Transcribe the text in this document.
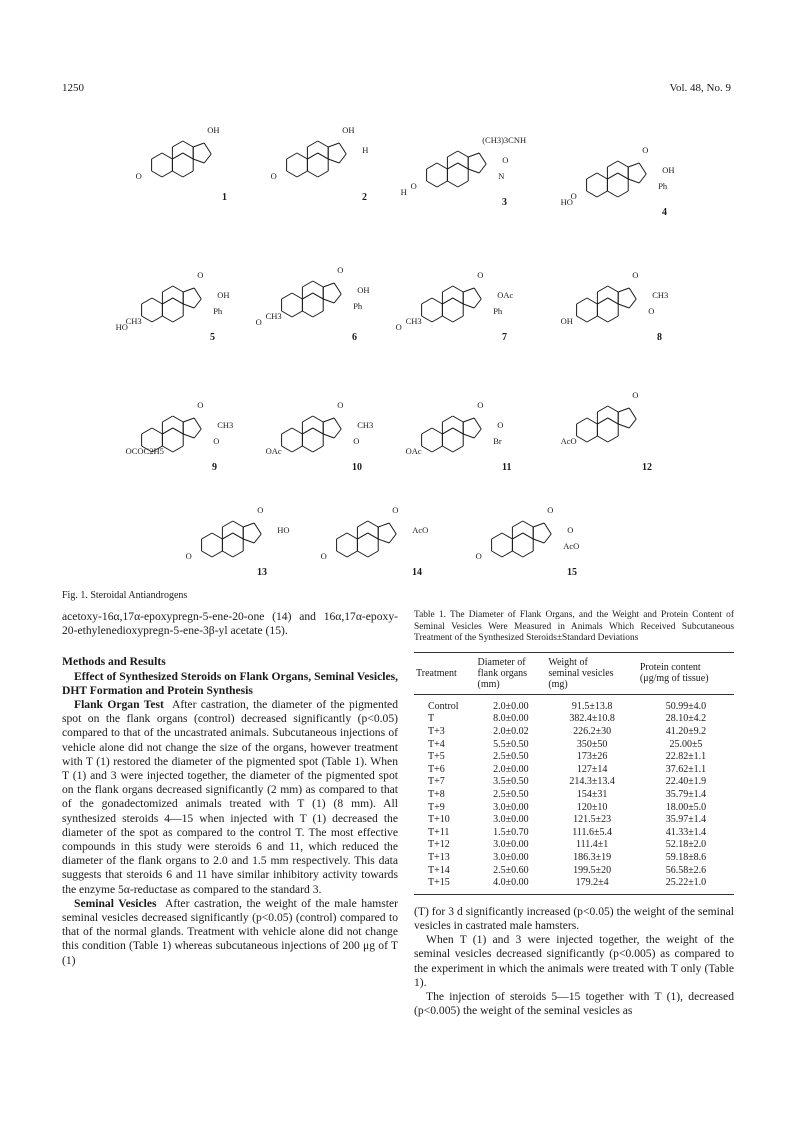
1250	Vol. 48, No. 9
OH
O
1
OH
O
H
2
(CH3)3CNH
O
O
N
H
3
O
O
OH
Ph
HO
4
O
CH3
OH
Ph
HO
5
O
CH3
OH
Ph
O
6
O
CH3
OAc
Ph
O
7
O
OH
CH3
O
8
O
OCOC2H5
CH3
O
9
O
OAc
CH3
O
10
O
OAc
O
Br
11
O
AcO
12
O
O
HO
13
O
O
AcO
14
O
O
O
AcO
15
Fig. 1. Steroidal Antiandrogens

acetoxy-16α,17α-epoxypregn-5-ene-20-one (14) and 16α,17α-epoxy-20-ethylenedioxypregn-5-ene-3β-yl acetate (15).

Methods and Results

Effect of Synthesized Steroids on Flank Organs, Seminal Vesicles, DHT Formation and Protein Synthesis

Flank Organ Test After castration, the diameter of the pigmented spot on the flank organs (control) decreased significantly (p<0.05) compared to that of the uncastrated animals. Subcutaneous injections of vehicle alone did not change the size of the organs, however treatment with T (1) restored the diameter of the pigmented spot (Table 1). When T (1) and 3 were injected together, the diameter of the pigmented spot on the flank organs decreased significantly (2 mm) as compared to that of the gonadectomized animals treated with T (1) (8 mm). All synthesized steroids 4—15 when injected with T (1) decreased the diameter of the spot as compared to the control T. The most effective compounds in this study were steroids 6 and 11, which reduced the diameter of the flank organs to 2.0 and 1.5 mm respectively. This data suggests that steroids 6 and 11 have similar inhibitory activity towards the enzyme 5α-reductase as compared to the standard 3.

Seminal Vesicles After castration, the weight of the male hamster seminal vesicles decreased significantly (p<0.05) (control) compared to that of the normal glands. Treatment with vehicle alone did not change this condition (Table 1) whereas subcutaneous injections of 200 μg of T (1)

Table 1. The Diameter of Flank Organs, and the Weight and Protein Content of Seminal Vesicles Were Measured in Animals Which Received Subcutaneous Treatment of the Synthesized Steroids±Standard Deviations

Treatment	Diameter of
flank organs
(mm)	Weight of
seminal vesicles
(mg)	Protein content
(μg/mg of tissue)
Control	2.0±0.00	91.5±13.8	50.99±4.0
T	8.0±0.00	382.4±10.8	28.10±4.2
T+3	2.0±0.02	226.2±30	41.20±9.2
T+4	5.5±0.50	350±50	25.00±5
T+5	2.5±0.50	173±26	22.82±1.1
T+6	2.0±0.00	127±14	37.62±1.1
T+7	3.5±0.50	214.3±13.4	22.40±1.9
T+8	2.5±0.50	154±31	35.79±1.4
T+9	3.0±0.00	120±10	18.00±5.0
T+10	3.0±0.00	121.5±23	35.97±1.4
T+11	1.5±0.70	111.6±5.4	41.33±1.4
T+12	3.0±0.00	111.4±1	52.18±2.0
T+13	3.0±0.00	186.3±19	59.18±8.6
T+14	2.5±0.60	199.5±20	56.58±2.6
T+15	4.0±0.00	179.2±4	25.22±1.0

(T) for 3 d significantly increased (p<0.05) the weight of the seminal vesicles in castrated male hamsters.

When T (1) and 3 were injected together, the weight of the seminal vesicles decreased significantly (p<0.005) as compared to the experiment in which the animals were treated with T only (Table 1).

The injection of steroids 5—15 together with T (1), decreased (p<0.005) the weight of the seminal vesicles as
